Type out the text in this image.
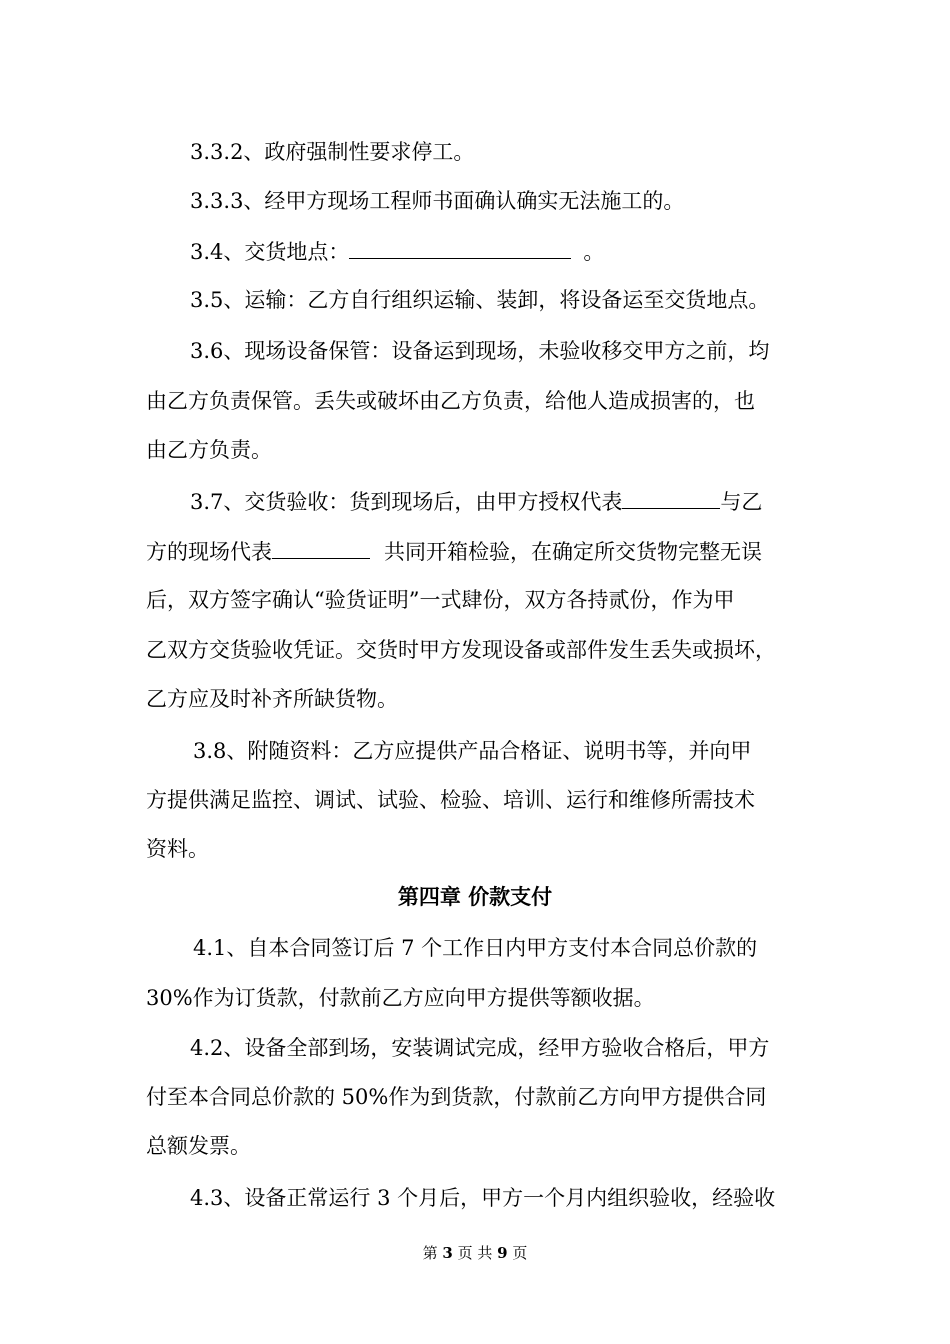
3.3.2、政府强制性要求停工。
3.3.3、经甲方现场工程师书面确认确实无法施工的。
3.4、交货地点：	。
3.5、运输：乙方自行组织运输、装卸，将设备运至交货地点。
3.6、现场设备保管：设备运到现场，未验收移交甲方之前，均
由乙方负责保管。丢失或破坏由乙方负责，给他人造成损害的，也
由乙方负责。
3.7、交货验收：货到现场后，由甲方授权代表	与乙
方的现场代表	共同开箱检验，在确定所交货物完整无误
后，双方签字确认“验货证明”一式肆份，双方各持贰份，作为甲
乙双方交货验收凭证。交货时甲方发现设备或部件发生丢失或损坏，
乙方应及时补齐所缺货物。
3.8、附随资料：乙方应提供产品合格证、说明书等，并向甲
方提供满足监控、调试、试验、检验、培训、运行和维修所需技术
资料。
第四章 价款支付
4.1、自本合同签订后 7 个工作日内甲方支付本合同总价款的
30%作为订货款，付款前乙方应向甲方提供等额收据。
4.2、设备全部到场，安装调试完成，经甲方验收合格后，甲方
付至本合同总价款的 50%作为到货款，付款前乙方向甲方提供合同
总额发票。
4.3、设备正常运行 3 个月后，甲方一个月内组织验收，经验收
第 3 页 共 9 页
